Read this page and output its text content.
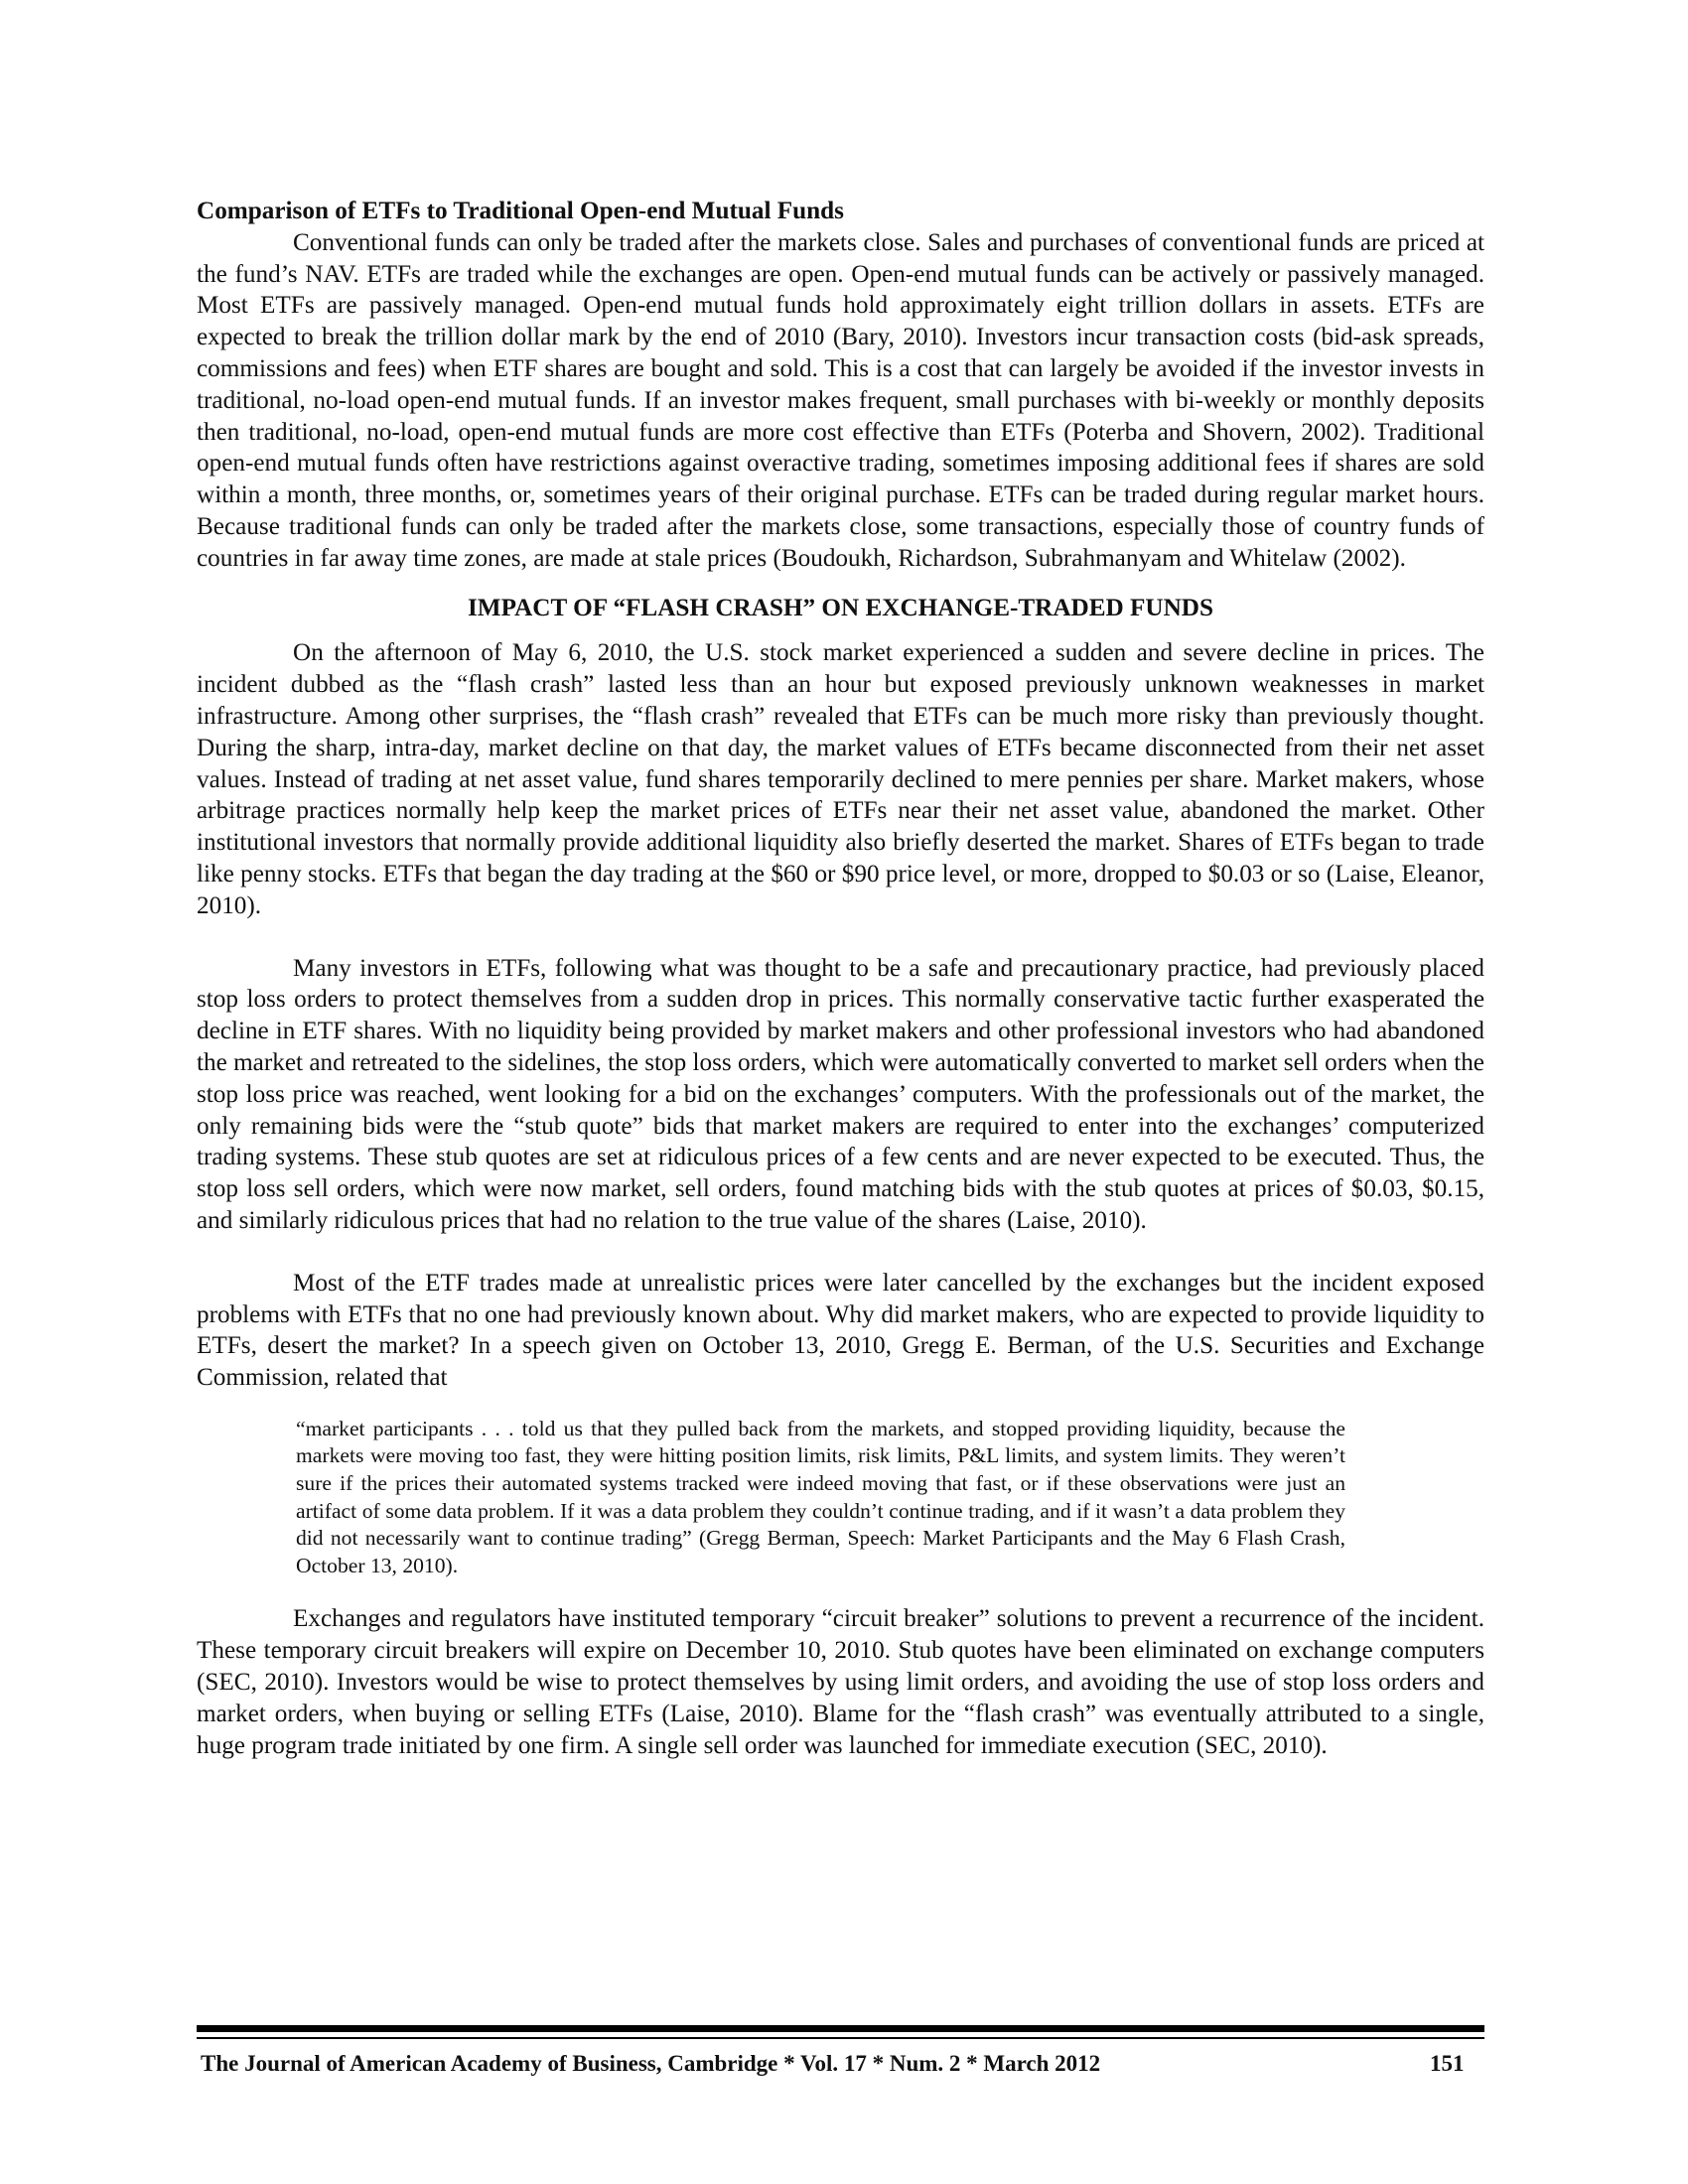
Comparison of ETFs to Traditional Open-end Mutual Funds

Conventional funds can only be traded after the markets close. Sales and purchases of conventional funds are priced at the fund’s NAV. ETFs are traded while the exchanges are open. Open-end mutual funds can be actively or passively managed. Most ETFs are passively managed. Open-end mutual funds hold approximately eight trillion dollars in assets. ETFs are expected to break the trillion dollar mark by the end of 2010 (Bary, 2010). Investors incur transaction costs (bid-ask spreads, commissions and fees) when ETF shares are bought and sold. This is a cost that can largely be avoided if the investor invests in traditional, no-load open-end mutual funds. If an investor makes frequent, small purchases with bi-weekly or monthly deposits then traditional, no-load, open-end mutual funds are more cost effective than ETFs (Poterba and Shovern, 2002). Traditional open-end mutual funds often have restrictions against overactive trading, sometimes imposing additional fees if shares are sold within a month, three months, or, sometimes years of their original purchase. ETFs can be traded during regular market hours. Because traditional funds can only be traded after the markets close, some transactions, especially those of country funds of countries in far away time zones, are made at stale prices (Boudoukh, Richardson, Subrahmanyam and Whitelaw (2002).

IMPACT OF “FLASH CRASH” ON EXCHANGE-TRADED FUNDS

On the afternoon of May 6, 2010, the U.S. stock market experienced a sudden and severe decline in prices. The incident dubbed as the “flash crash” lasted less than an hour but exposed previously unknown weaknesses in market infrastructure. Among other surprises, the “flash crash” revealed that ETFs can be much more risky than previously thought. During the sharp, intra-day, market decline on that day, the market values of ETFs became disconnected from their net asset values. Instead of trading at net asset value, fund shares temporarily declined to mere pennies per share. Market makers, whose arbitrage practices normally help keep the market prices of ETFs near their net asset value, abandoned the market. Other institutional investors that normally provide additional liquidity also briefly deserted the market. Shares of ETFs began to trade like penny stocks. ETFs that began the day trading at the $60 or $90 price level, or more, dropped to $0.03 or so (Laise, Eleanor, 2010).

Many investors in ETFs, following what was thought to be a safe and precautionary practice, had previously placed stop loss orders to protect themselves from a sudden drop in prices. This normally conservative tactic further exasperated the decline in ETF shares. With no liquidity being provided by market makers and other professional investors who had abandoned the market and retreated to the sidelines, the stop loss orders, which were automatically converted to market sell orders when the stop loss price was reached, went looking for a bid on the exchanges’ computers. With the professionals out of the market, the only remaining bids were the “stub quote” bids that market makers are required to enter into the exchanges’ computerized trading systems. These stub quotes are set at ridiculous prices of a few cents and are never expected to be executed. Thus, the stop loss sell orders, which were now market, sell orders, found matching bids with the stub quotes at prices of $0.03, $0.15, and similarly ridiculous prices that had no relation to the true value of the shares (Laise, 2010).

Most of the ETF trades made at unrealistic prices were later cancelled by the exchanges but the incident exposed problems with ETFs that no one had previously known about. Why did market makers, who are expected to provide liquidity to ETFs, desert the market? In a speech given on October 13, 2010, Gregg E. Berman, of the U.S. Securities and Exchange Commission, related that

“market participants . . . told us that they pulled back from the markets, and stopped providing liquidity, because the markets were moving too fast, they were hitting position limits, risk limits, P&L limits, and system limits. They weren’t sure if the prices their automated systems tracked were indeed moving that fast, or if these observations were just an artifact of some data problem. If it was a data problem they couldn’t continue trading, and if it wasn’t a data problem they did not necessarily want to continue trading” (Gregg Berman, Speech: Market Participants and the May 6 Flash Crash, October 13, 2010).

Exchanges and regulators have instituted temporary “circuit breaker” solutions to prevent a recurrence of the incident. These temporary circuit breakers will expire on December 10, 2010. Stub quotes have been eliminated on exchange computers (SEC, 2010). Investors would be wise to protect themselves by using limit orders, and avoiding the use of stop loss orders and market orders, when buying or selling ETFs (Laise, 2010). Blame for the “flash crash” was eventually attributed to a single, huge program trade initiated by one firm. A single sell order was launched for immediate execution (SEC, 2010).

The Journal of American Academy of Business, Cambridge * Vol. 17 * Num. 2 * March 2012	151
